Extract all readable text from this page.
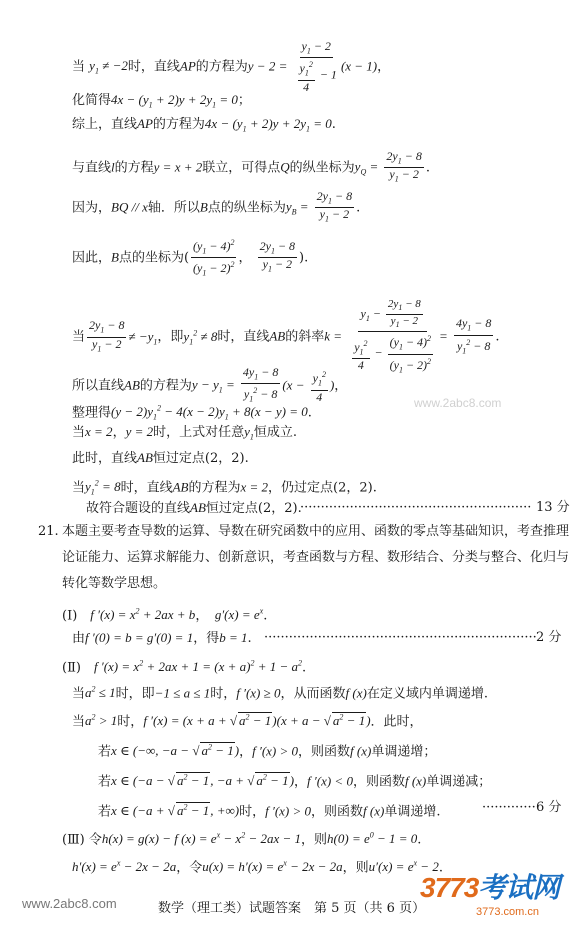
当 $y_1 \ne -2$时，直线AP的方程为$y - 2 = \frac{y_1 - 2}{\frac{y_1^2}{4} - 1} (x - 1)$，
化简得$4x - (y_1 + 2)y + 2y_1 = 0$；
综上，直线AP的方程为$4x - (y_1 + 2)y + 2y_1 = 0$.
与直线l的方程y = x + 2联立，可得点Q的纵坐标为$y_Q = \frac{2y_1 - 8}{y_1 - 2}$ .
因为，BQ // x轴．所以B点的纵坐标为$y_B = \frac{2y_1 - 8}{y_1 - 2}$ .
因此，B点的坐标为( $\frac{(y_1 - 4)^2}{(y_1 - 2)^2}$ ， $\frac{2y_1 - 8}{y_1 - 2}$ ).
当 $\frac{2y_1 - 8}{y_1 - 2} \ne -y_1$，即$y_1^2 \ne 8$时，直线AB的斜率$k = \frac{y_1 - \frac{2y_1 - 8}{y_1 - 2}}{\frac{y_1^2}{4} - \frac{(y_1 - 4)^2}{(y_1 - 2)^2}} = \frac{4y_1 - 8}{y_1^2 - 8}$ .
所以直线AB的方程为$y - y_1 = \frac{4y_1 - 8}{y_1^2 - 8} (x - \frac{y_1^2}{4}$ )，
整理得$(y - 2)y_1^2 - 4(x - 2)y_1 + 8(x - y) = 0$.
当x = 2，y = 2时，上式对任意$y_1$恒成立.
此时，直线AB恒过定点(2，2).
当$y_1^2 = 8$时，直线AB的方程为x = 2，仍过定点(2，2).
故符合题设的直线AB恒过定点(2，2).
························································ 13 分
21. 本题主要考查导数的运算、导数在研究函数中的应用、函数的零点等基础知识，考查推理
论证能力、运算求解能力、创新意识，考查函数与方程、数形结合、分类与整合、化归与
转化等数学思想。
(Ⅰ)　 f $'(x) = x^2 + 2ax + b$，　$g'(x) = e^x$.
由f ′(0) = b = g′(0) = 1，得b = 1. ·································································· 2 分
(Ⅱ)　 f $'(x) = x^2 + 2ax + 1 = (x + a)^2 + 1 - a^2$.
当$a^2 \le 1$时，即−1 ≤ a ≤ 1时，f ′(x) ≥ 0，从而函数f (x)在定义域内单调递增.
当$a^2 > 1$时，f ′(x) = (x + a + √ $a^2 - 1)(x + a$ − √ $a^2 - 1$)．此时，
若x ∈ (−∞, −a − √ $a^2 - 1$)，f ′(x) > 0，则函数f (x)单调递增；
若x ∈ (−a − √ $a^2 - 1$, −a + √ $a^2 - 1$)，f ′(x) < 0，则函数f (x)单调递减；
若x ∈ (−a + √ $a^2 - 1$, +∞)时，f ′(x) > 0，则函数f (x)单调递增.	··············
6 分
(Ⅲ) 令h(x) = g(x) − f $(x) = e^x - x^2 - 2ax - 1$，则$h(0) = e^0 - 1 = 0$.
$h'(x) = e^x - 2x - 2a$，令$u(x) = h'(x) = e^x - 2x - 2a$，则$u'(x) = e^x - 2$.
数学（理工类）试题答案　第 5 页（共 6 页）
www.2abc8.com
www.2abc8.com
3773考试网
3773.com.cn
